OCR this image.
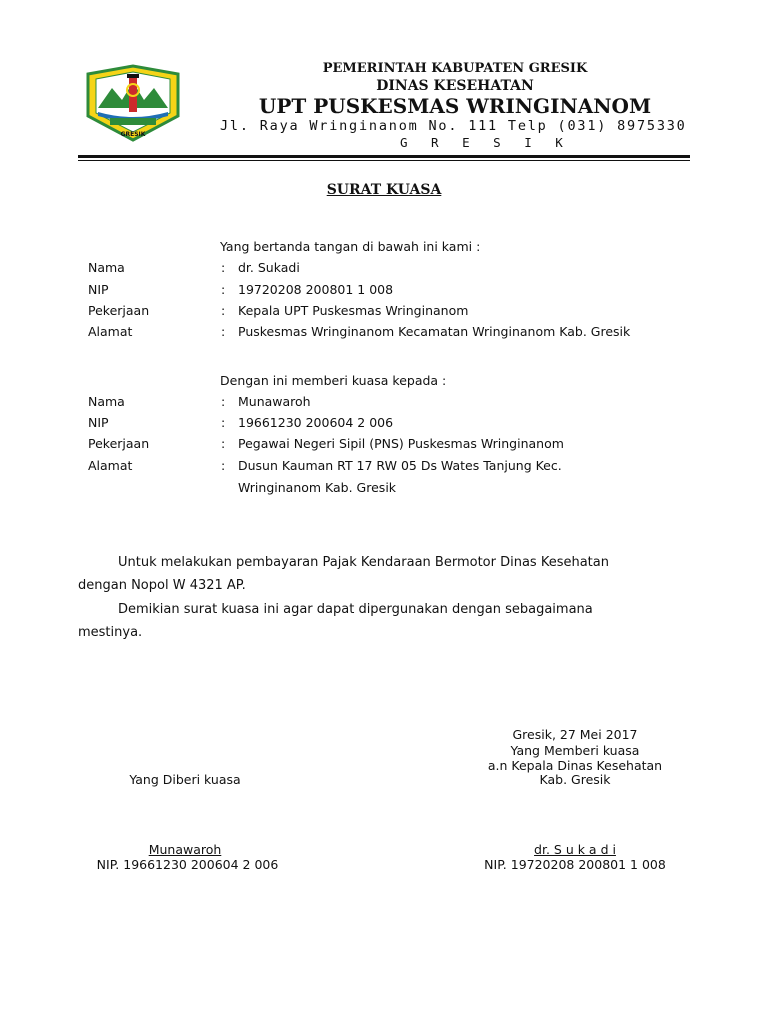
GRESIK
PEMERINTAH KABUPATEN GRESIK
DINAS KESEHATAN
UPT PUSKESMAS WRINGINANOM
Jl. Raya Wringinanom No. 111 Telp (031) 8975330
G R E S I K
SURAT KUASA
Yang bertanda tangan di bawah ini kami :
Nama	: dr. Sukadi
NIP	: 19720208 200801 1 008
Pekerjaan	: Kepala UPT Puskesmas Wringinanom
Alamat	: Puskesmas Wringinanom Kecamatan Wringinanom Kab. Gresik
Dengan ini memberi kuasa kepada :
Nama	: Munawaroh
NIP	: 19661230 200604 2 006
Pekerjaan	: Pegawai Negeri Sipil (PNS) Puskesmas Wringinanom
Alamat	: Dusun Kauman RT 17 RW 05 Ds Wates Tanjung Kec.
Wringinanom Kab. Gresik
Untuk melakukan pembayaran Pajak Kendaraan Bermotor Dinas Kesehatan
dengan Nopol W 4321 AP.
Demikian surat kuasa ini agar dapat dipergunakan dengan sebagaimana
mestinya.
Gresik, 27 Mei 2017
Yang Memberi kuasa
a.n Kepala Dinas Kesehatan
Kab. Gresik
Yang Diberi kuasa
Munawaroh
NIP. 19661230 200604 2 006
dr. S u k a d i
NIP. 19720208 200801 1 008
